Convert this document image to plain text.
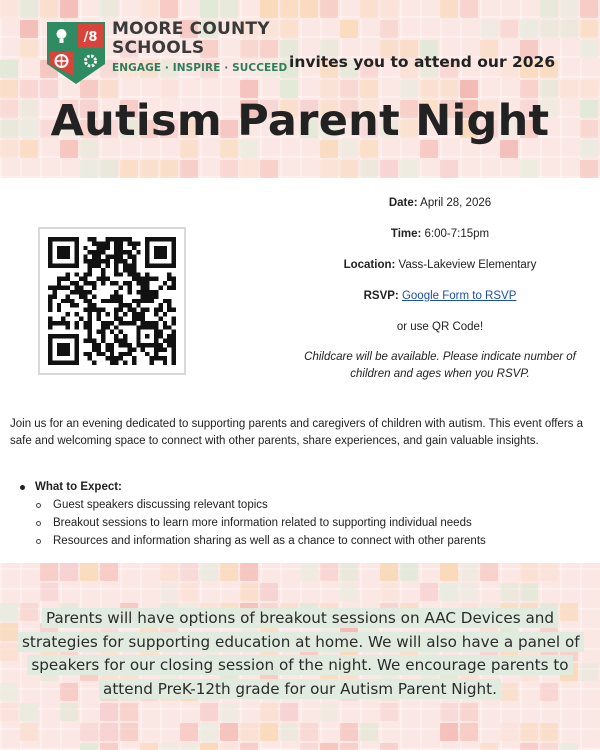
/8 MOORE COUNTY
SCHOOLS
ENGAGE · INSPIRE · SUCCEED invites you to attend our 2026
Autism Parent Night
Date: April 28, 2026
Time: 6:00-7:15pm
Location: Vass-Lakeview Elementary
RSVP: Google Form to RSVP
or use QR Code!
Childcare will be available. Please indicate number of children and ages when you RSVP.
Join us for an evening dedicated to supporting parents and caregivers of children with autism. This event offers a safe and welcoming space to connect with other parents, share experiences, and gain valuable insights.
What to Expect:
Guest speakers discussing relevant topics
Breakout sessions to learn more information related to supporting individual needs
Resources and information sharing as well as a chance to connect with other parents
Parents will have options of breakout sessions on AAC Devices and strategies for supporting education at home. We will also have a panel of speakers for our closing session of the night. We encourage parents to attend PreK-12th grade for our Autism Parent Night.
